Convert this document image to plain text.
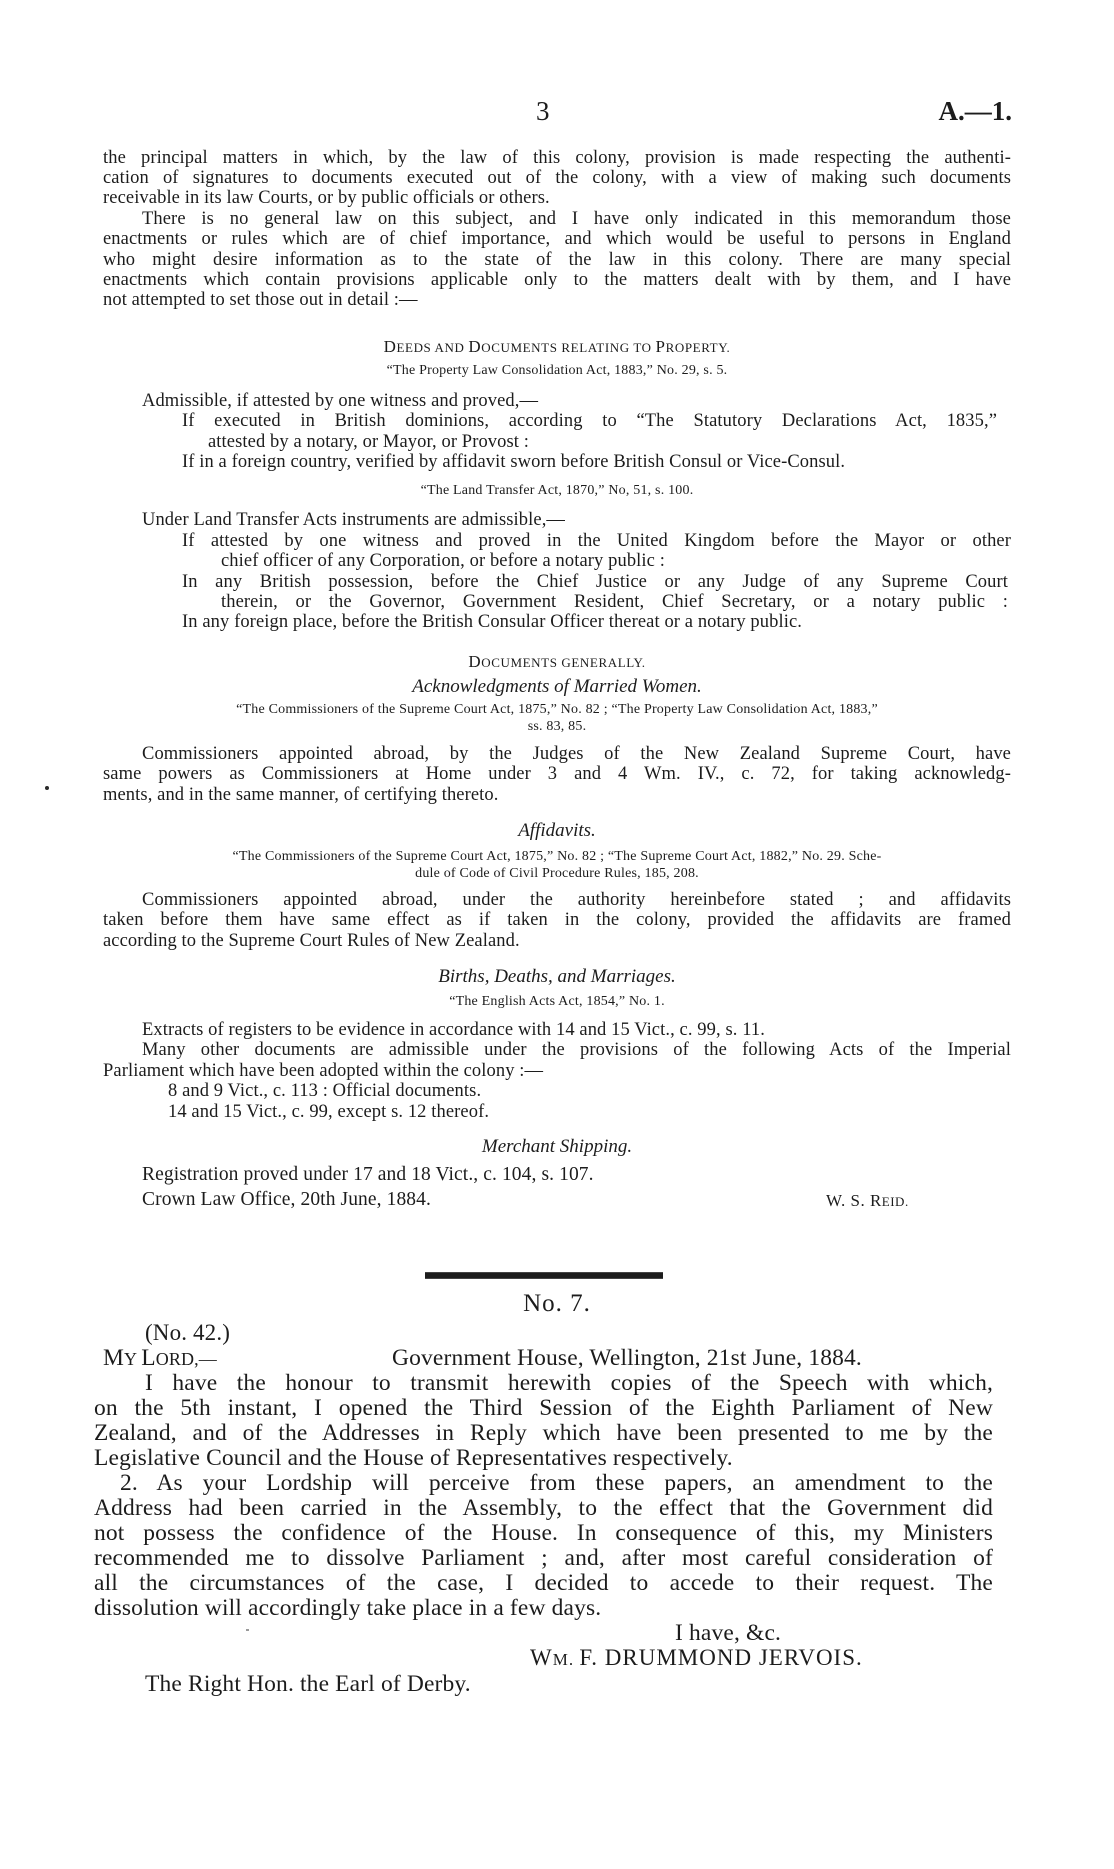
3	A.—1.
the principal matters in which, by the law of this colony, provision is made respecting the authenti-
cation of signatures to documents executed out of the colony, with a view of making such documents
receivable in its law Courts, or by public officials or others.
There is no general law on this subject, and I have only indicated in this memorandum those
enactments or rules which are of chief importance, and which would be useful to persons in England
who might desire information as to the state of the law in this colony. There are many special
enactments which contain provisions applicable only to the matters dealt with by them, and I have
not attempted to set those out in detail :—
DEEDS AND DOCUMENTS RELATING TO PROPERTY.
“The Property Law Consolidation Act, 1883,” No. 29, s. 5.
Admissible, if attested by one witness and proved,—
If executed in British dominions, according to “The Statutory Declarations Act, 1835,”
attested by a notary, or Mayor, or Provost :
If in a foreign country, verified by affidavit sworn before British Consul or Vice-Consul.
“The Land Transfer Act, 1870,” No, 51, s. 100.
Under Land Transfer Acts instruments are admissible,—
If attested by one witness and proved in the United Kingdom before the Mayor or other
chief officer of any Corporation, or before a notary public :
In any British possession, before the Chief Justice or any Judge of any Supreme Court
therein, or the Governor, Government Resident, Chief Secretary, or a notary public :
In any foreign place, before the British Consular Officer thereat or a notary public.
DOCUMENTS GENERALLY.
Acknowledgments of Married Women.
“The Commissioners of the Supreme Court Act, 1875,” No. 82 ; “The Property Law Consolidation Act, 1883,”
ss. 83, 85.
Commissioners appointed abroad, by the Judges of the New Zealand Supreme Court, have
same powers as Commissioners at Home under 3 and 4 Wm. IV., c. 72, for taking acknowledg-
ments, and in the same manner, of certifying thereto.
Affidavits.
“The Commissioners of the Supreme Court Act, 1875,” No. 82 ; “The Supreme Court Act, 1882,” No. 29. Sche-
dule of Code of Civil Procedure Rules, 185, 208.
Commissioners appointed abroad, under the authority hereinbefore stated ; and affidavits
taken before them have same effect as if taken in the colony, provided the affidavits are framed
according to the Supreme Court Rules of New Zealand.
Births, Deaths, and Marriages.
“The English Acts Act, 1854,” No. 1.
Extracts of registers to be evidence in accordance with 14 and 15 Vict., c. 99, s. 11.
Many other documents are admissible under the provisions of the following Acts of the Imperial
Parliament which have been adopted within the colony :—
8 and 9 Vict., c. 113 : Official documents.
14 and 15 Vict., c. 99, except s. 12 thereof.
Merchant Shipping.
Registration proved under 17 and 18 Vict., c. 104, s. 107.
Crown Law Office, 20th June, 1884.	W. S. REID.
No. 7.
(No. 42.)
MY LORD,—	Government House, Wellington, 21st June, 1884.
I have the honour to transmit herewith copies of the Speech with which,
on the 5th instant, I opened the Third Session of the Eighth Parliament of New
Zealand, and of the Addresses in Reply which have been presented to me by the
Legislative Council and the House of Representatives respectively.
2. As your Lordship will perceive from these papers, an amendment to the
Address had been carried in the Assembly, to the effect that the Government did
not possess the confidence of the House. In consequence of this, my Ministers
recommended me to dissolve Parliament ; and, after most careful consideration of
all the circumstances of the case, I decided to accede to their request. The
dissolution will accordingly take place in a few days.
I have, &c.
WM. F. DRUMMOND JERVOIS.
The Right Hon. the Earl of Derby.
